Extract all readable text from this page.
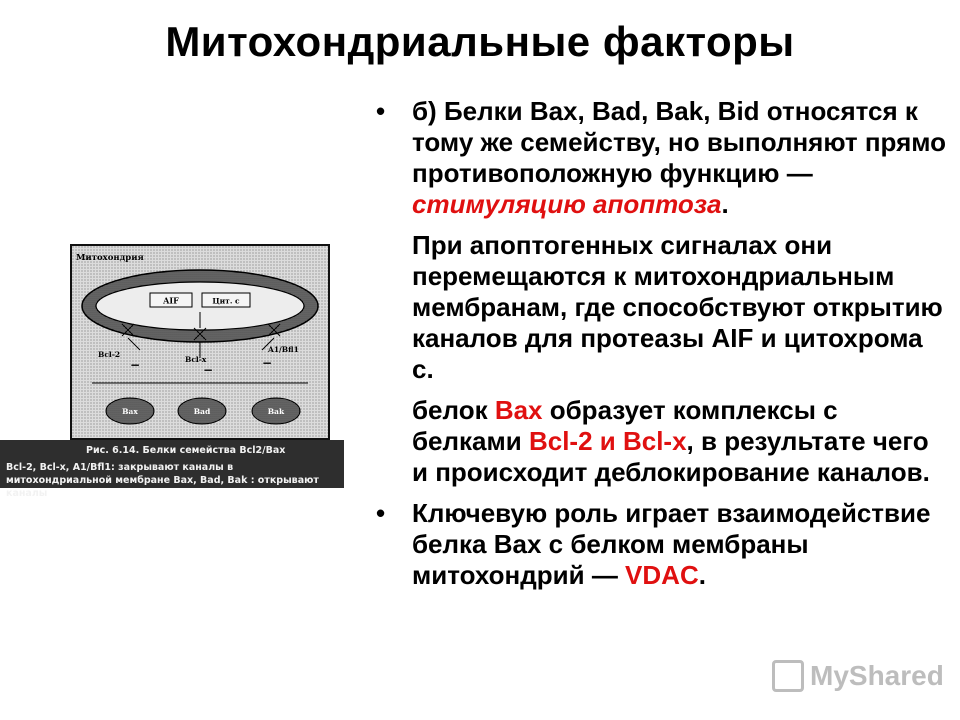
Митохондриальные факторы

• б) Белки Bax, Bad, Bak, Bid относятся к тому же семейству, но выполняют прямо противоположную функцию — стимуляцию апоптоза.

При апоптогенных сигналах они перемещаются к митохондриальным мембранам, где способствуют открытию каналов для протеазы AIF и цитохрома с.

белок Bax образует комплексы с белками Bcl-2 и Bcl-x, в результате чего и происходит деблокирование каналов.

• Ключевую роль играет взаимодействие белка Bax с белком мембраны митохондрий — VDAC.

Митохондрия
AIF	Цит. с
Bcl-2
−	Bcl-x
−
A1/Bfl1
−
Bax	Bad	Bak
Рис. 6.14. Белки семейства Bcl2/Bax
Bcl-2, Bcl-x, A1/Bfl1: закрывают каналы в митохондриальной мембране Bax, Bad, Bak : открывают каналы
MyShared
